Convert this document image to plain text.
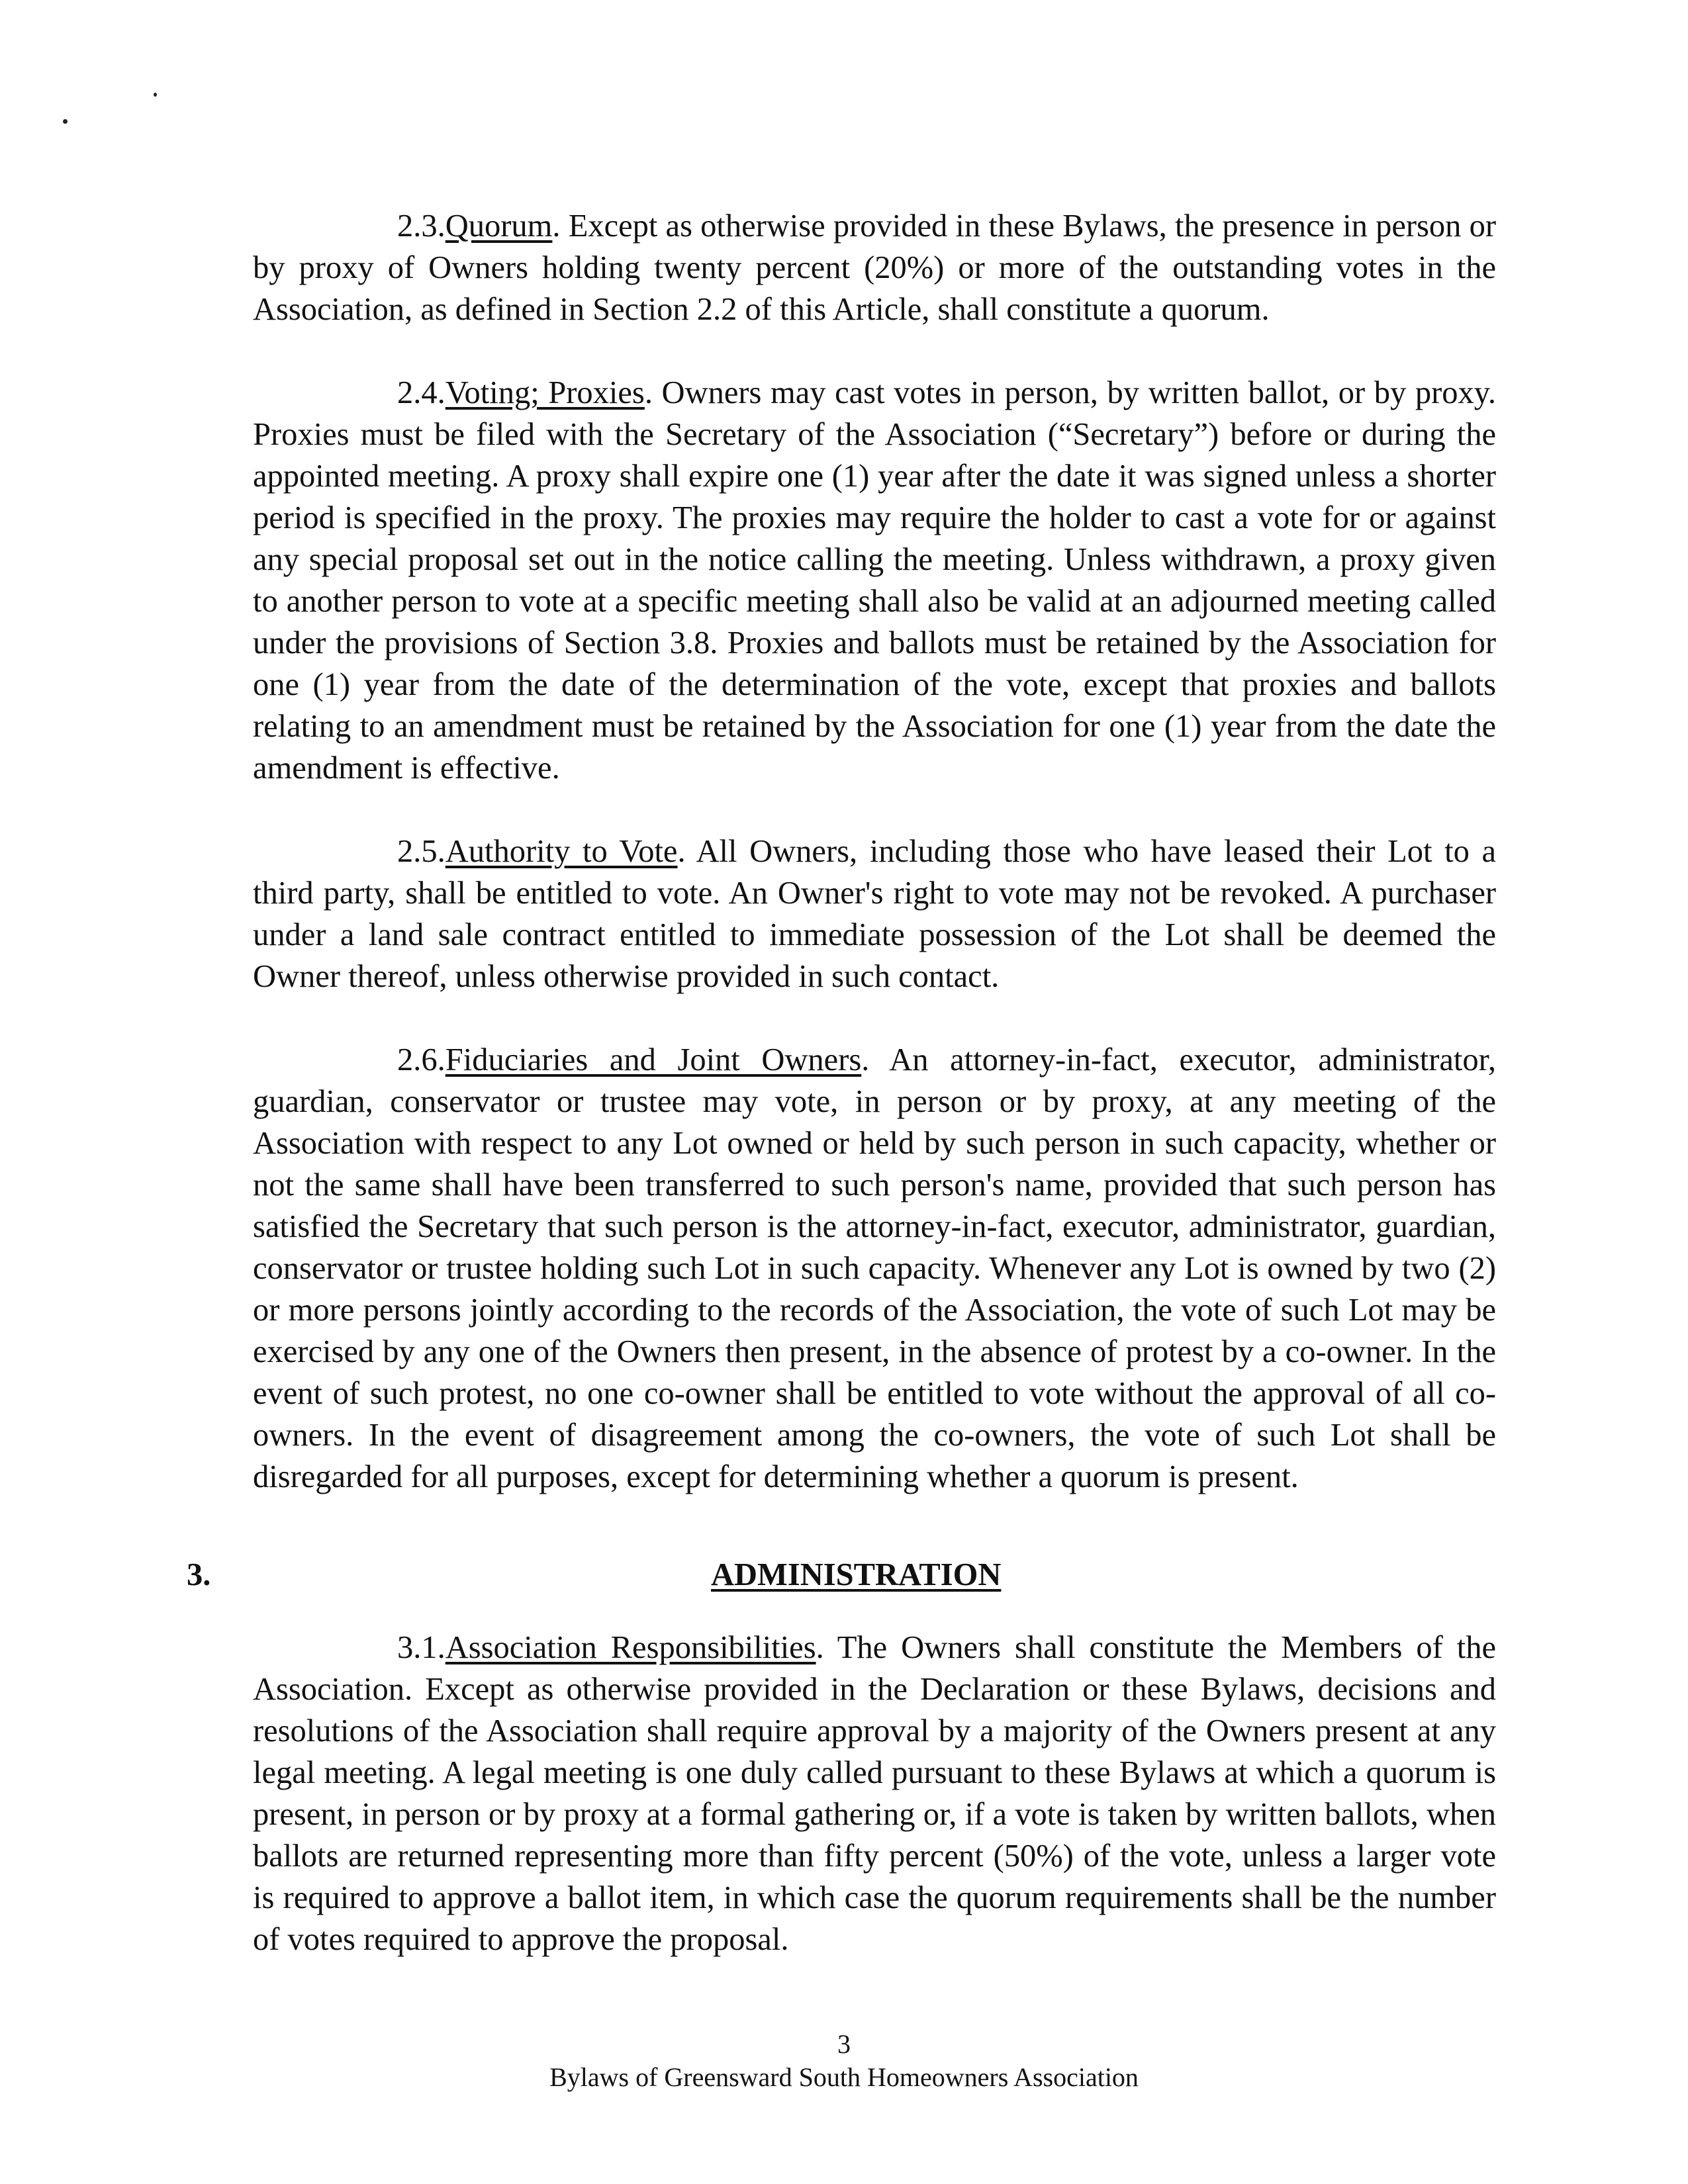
2.3.Quorum. Except as otherwise provided in these Bylaws, the presence in person or by proxy of Owners holding twenty percent (20%) or more of the outstanding votes in the Association, as defined in Section 2.2 of this Article, shall constitute a quorum.

2.4.Voting; Proxies. Owners may cast votes in person, by written ballot, or by proxy. Proxies must be filed with the Secretary of the Association (“Secretary”) before or during the appointed meeting. A proxy shall expire one (1) year after the date it was signed unless a shorter period is specified in the proxy. The proxies may require the holder to cast a vote for or against any special proposal set out in the notice calling the meeting. Unless withdrawn, a proxy given to another person to vote at a specific meeting shall also be valid at an adjourned meeting called under the provisions of Section 3.8. Proxies and ballots must be retained by the Association for one (1) year from the date of the determination of the vote, except that proxies and ballots relating to an amendment must be retained by the Association for one (1) year from the date the amendment is effective.

2.5.Authority to Vote. All Owners, including those who have leased their Lot to a third party, shall be entitled to vote. An Owner's right to vote may not be revoked. A purchaser under a land sale contract entitled to immediate possession of the Lot shall be deemed the Owner thereof, unless otherwise provided in such contact.

2.6.Fiduciaries and Joint Owners. An attorney-in-fact, executor, administrator, guardian, conservator or trustee may vote, in person or by proxy, at any meeting of the Association with respect to any Lot owned or held by such person in such capacity, whether or not the same shall have been transferred to such person's name, provided that such person has satisfied the Secretary that such person is the attorney-in-fact, executor, administrator, guardian, conservator or trustee holding such Lot in such capacity. Whenever any Lot is owned by two (2) or more persons jointly according to the records of the Association, the vote of such Lot may be exercised by any one of the Owners then present, in the absence of protest by a co-owner. In the event of such protest, no one co-owner shall be entitled to vote without the approval of all co-owners. In the event of disagreement among the co-owners, the vote of such Lot shall be disregarded for all purposes, except for determining whether a quorum is present.

3.	ADMINISTRATION

3.1.Association Responsibilities. The Owners shall constitute the Members of the Association. Except as otherwise provided in the Declaration or these Bylaws, decisions and resolutions of the Association shall require approval by a majority of the Owners present at any legal meeting. A legal meeting is one duly called pursuant to these Bylaws at which a quorum is present, in person or by proxy at a formal gathering or, if a vote is taken by written ballots, when ballots are returned representing more than fifty percent (50%) of the vote, unless a larger vote is required to approve a ballot item, in which case the quorum requirements shall be the number of votes required to approve the proposal.

3
Bylaws of Greensward South Homeowners Association
